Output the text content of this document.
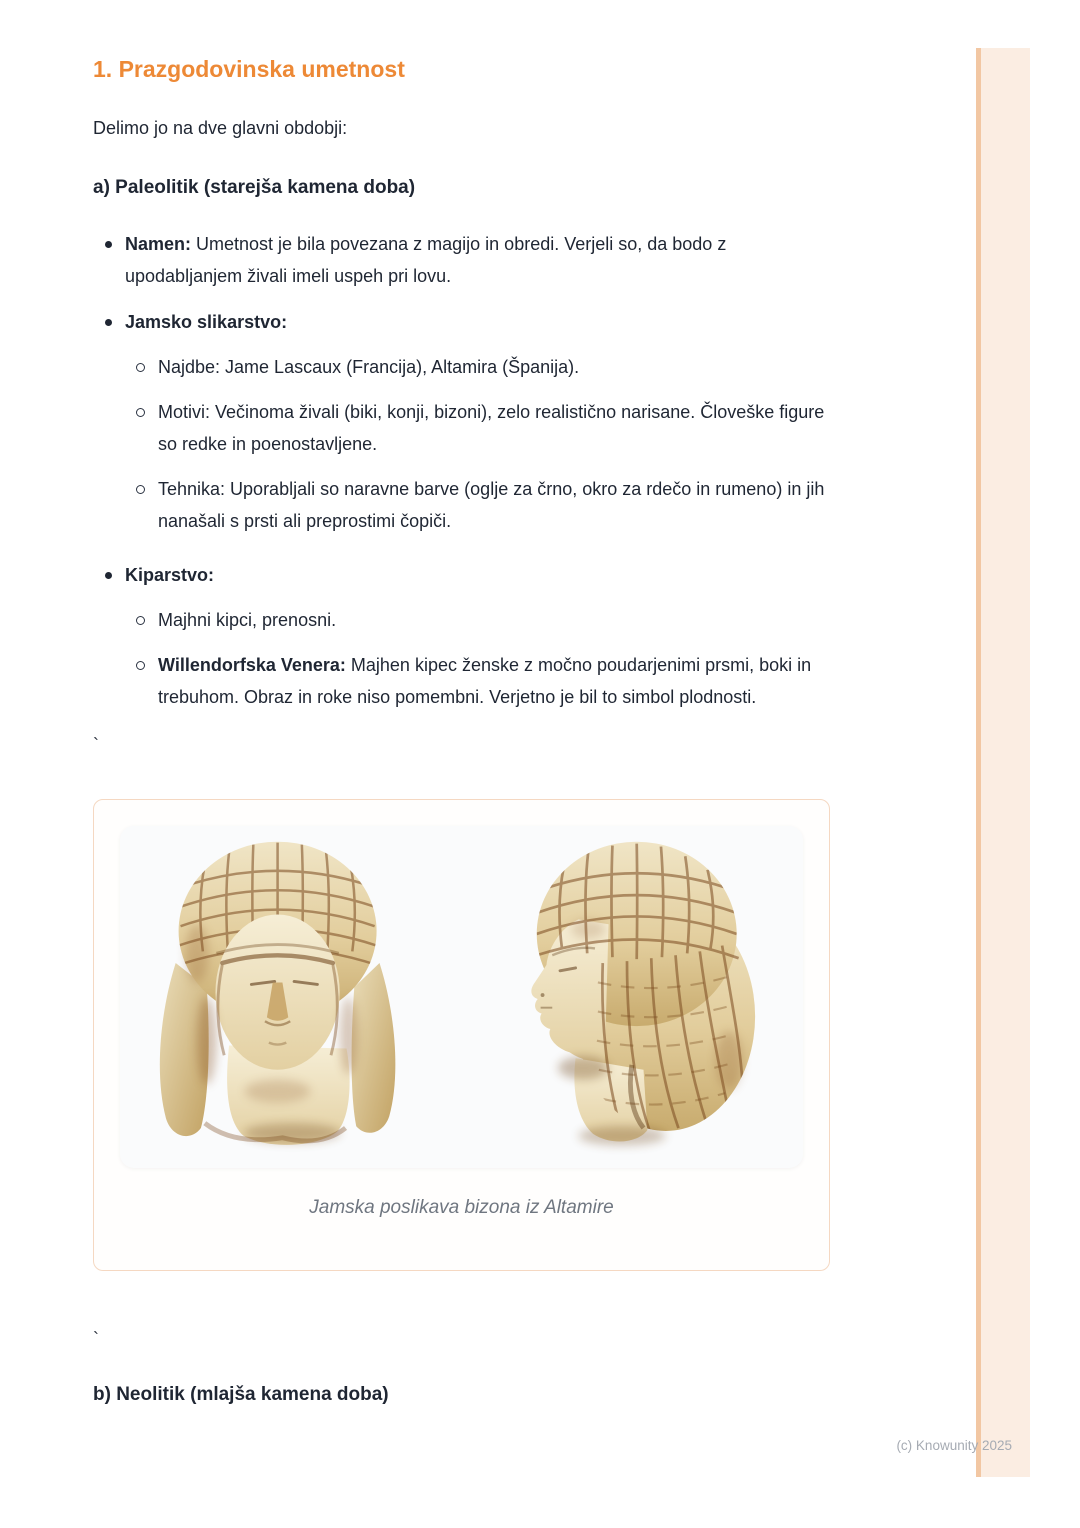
1. Prazgodovinska umetnost

Delimo jo na dve glavni obdobji:

a) Paleolitik (starejša kamena doba)
Namen: Umetnost je bila povezana z magijo in obredi. Verjeli so, da bodo z upodabljanjem živali imeli uspeh pri lovu.
Jamsko slikarstvo:
Najdbe: Jame Lascaux (Francija), Altamira (Španija).
Motivi: Večinoma živali (biki, konji, bizoni), zelo realistično narisane. Človeške figure so redke in poenostavljene.
Tehnika: Uporabljali so naravne barve (oglje za črno, okro za rdečo in rumeno) in jih nanašali s prsti ali preprostimi čopiči.
Kiparstvo:
Majhni kipci, prenosni.
Willendorfska Venera: Majhen kipec ženske z močno poudarjenimi prsmi, boki in trebuhom. Obraz in roke niso pomembni. Verjetno je bil to simbol plodnosti.

`

Jamska poslikava bizona iz Altamire

`

b) Neolitik (mlajša kamena doba)
(c) Knowunity 2025
